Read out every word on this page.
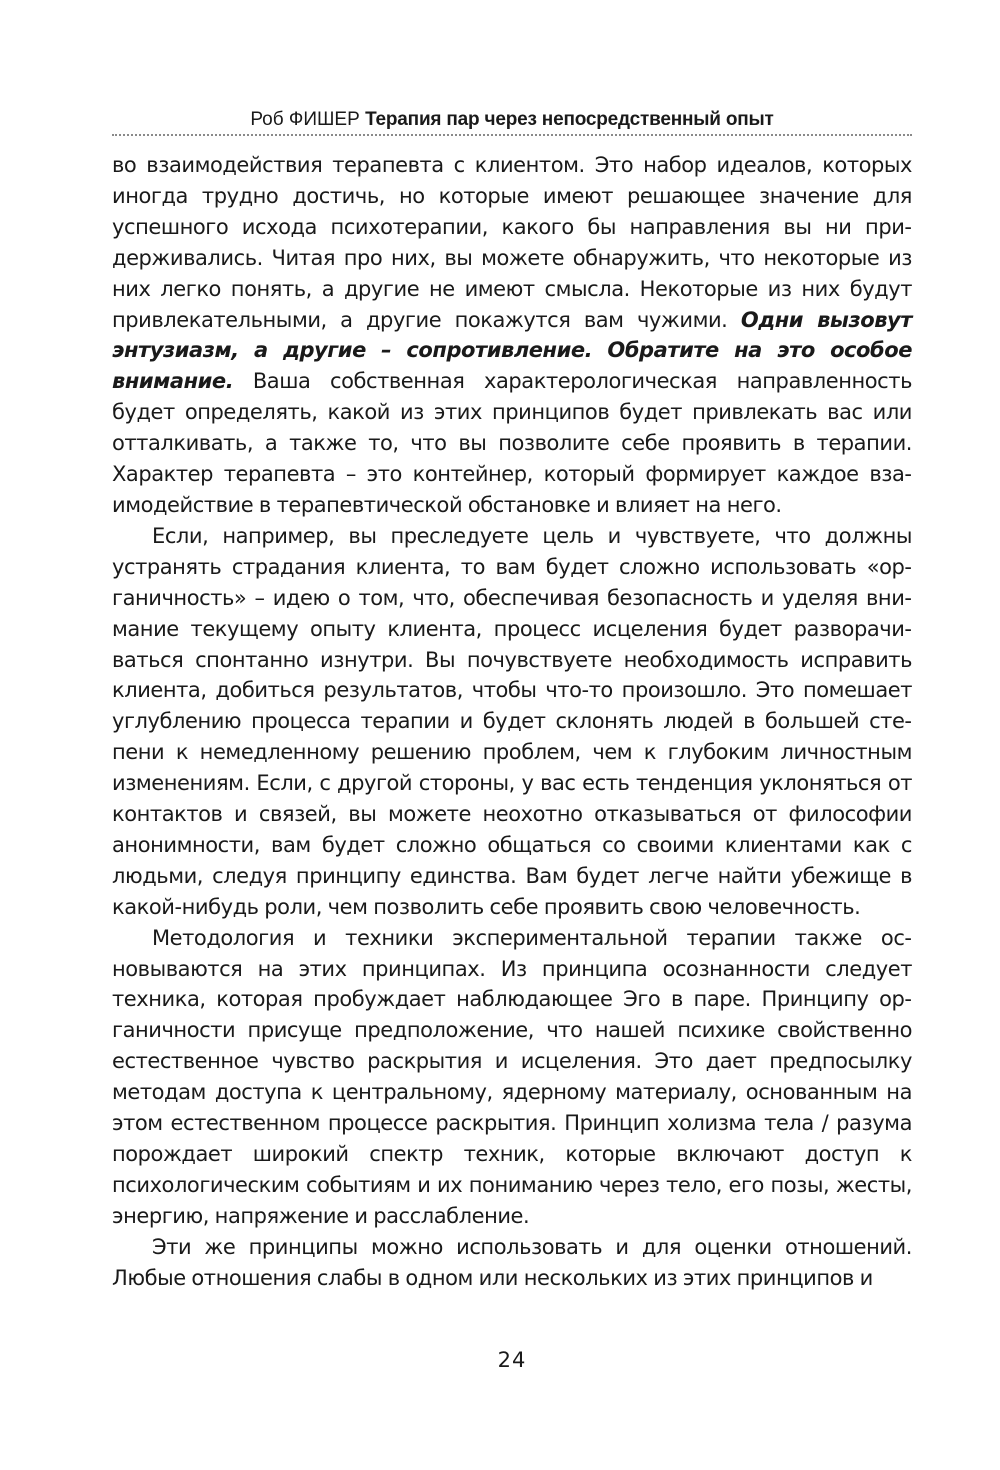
Роб ФИШЕР Терапия пар через непосредственный опыт

во взаимодействия терапевта с клиентом. Это набор идеалов, которых иногда трудно достичь, но которые имеют решающее значение для успешного исхода психотерапии, какого бы направления вы ни придерживались. Читая про них, вы можете обнаружить, что некоторые из них легко понять, а другие не имеют смысла. Некоторые из них будут привлекательными, а другие покажутся вам чужими. Одни вызовут энтузиазм, а другие – сопротивление. Обратите на это особое внимание. Ваша собственная характерологическая направленность будет определять, какой из этих принципов будет привлекать вас или отталкивать, а также то, что вы позволите себе проявить в терапии. Характер терапевта – это контейнер, который формирует каждое взаимодействие в терапевтической обстановке и влияет на него.

Если, например, вы преследуете цель и чувствуете, что должны устранять страдания клиента, то вам будет сложно использовать «органичность» – идею о том, что, обеспечивая безопасность и уделяя внимание текущему опыту клиента, процесс исцеления будет разворачиваться спонтанно изнутри. Вы почувствуете необходимость исправить клиента, добиться результатов, чтобы что-то произошло. Это помешает углублению процесса терапии и будет склонять людей в большей степени к немедленному решению проблем, чем к глубоким личностным изменениям. Если, с другой стороны, у вас есть тенденция уклоняться от контактов и связей, вы можете неохотно отказываться от философии анонимности, вам будет сложно общаться со своими клиентами как с людьми, следуя принципу единства. Вам будет легче найти убежище в какой-нибудь роли, чем позволить себе проявить свою человечность.

Методология и техники экспериментальной терапии также основываются на этих принципах. Из принципа осознанности следует техника, которая пробуждает наблюдающее Эго в паре. Принципу органичности присуще предположение, что нашей психике свойственно естественное чувство раскрытия и исцеления. Это дает предпосылку методам доступа к центральному, ядерному материалу, основанным на этом естественном процессе раскрытия. Принцип холизма тела / разума порождает широкий спектр техник, которые включают доступ к психологическим событиям и их пониманию через тело, его позы, жесты, энергию, напряжение и расслабление.

Эти же принципы можно использовать и для оценки отношений. Любые отношения слабы в одном или нескольких из этих принципов и

24
